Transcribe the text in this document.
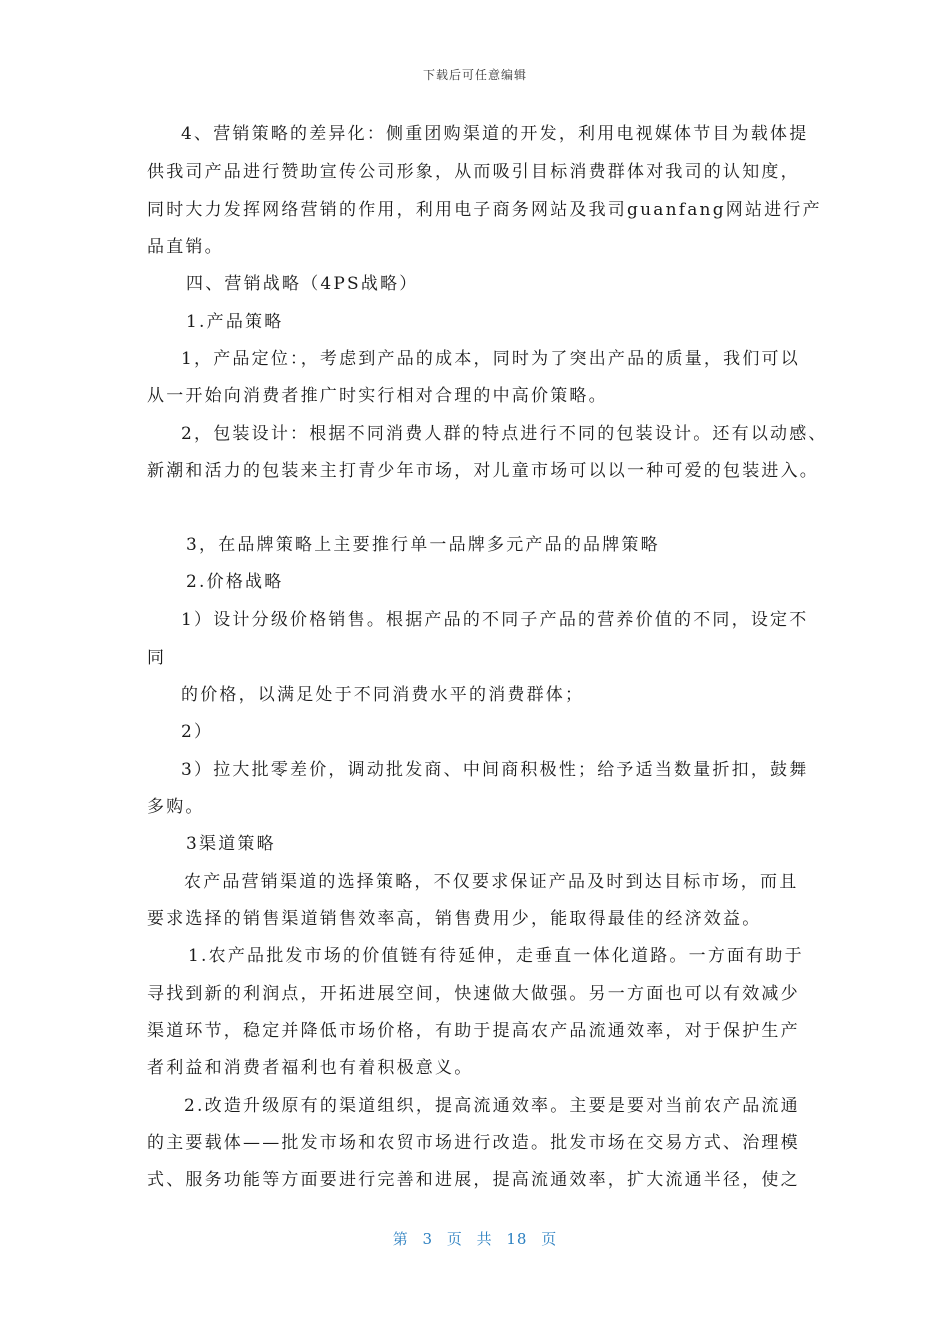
下载后可任意编辑
4、营销策略的差异化：侧重团购渠道的开发，利用电视媒体节目为载体提
供我司产品进行赞助宣传公司形象，从而吸引目标消费群体对我司的认知度，
同时大力发挥网络营销的作用，利用电子商务网站及我司guanfang网站进行产
品直销。
四、营销战略（4PS战略）
1.产品策略
1，产品定位：，考虑到产品的成本，同时为了突出产品的质量，我们可以
从一开始向消费者推广时实行相对合理的中高价策略。
2，包装设计：根据不同消费人群的特点进行不同的包装设计。还有以动感、
新潮和活力的包装来主打青少年市场，对儿童市场可以以一种可爱的包装进入。
3，在品牌策略上主要推行单一品牌多元产品的品牌策略
2.价格战略
1）设计分级价格销售。根据产品的不同子产品的营养价值的不同，设定不
同
的价格，以满足处于不同消费水平的消费群体；
2）
3）拉大批零差价，调动批发商、中间商积极性；给予适当数量折扣，鼓舞
多购。
3渠道策略
农产品营销渠道的选择策略，不仅要求保证产品及时到达目标市场，而且
要求选择的销售渠道销售效率高，销售费用少，能取得最佳的经济效益。
1.农产品批发市场的价值链有待延伸，走垂直一体化道路。一方面有助于
寻找到新的利润点，开拓进展空间，快速做大做强。另一方面也可以有效减少
渠道环节，稳定并降低市场价格，有助于提高农产品流通效率，对于保护生产
者利益和消费者福利也有着积极意义。
2.改造升级原有的渠道组织，提高流通效率。主要是要对当前农产品流通
的主要载体——批发市场和农贸市场进行改造。批发市场在交易方式、治理模
式、服务功能等方面要进行完善和进展，提高流通效率，扩大流通半径，使之
第 3 页 共 18 页
